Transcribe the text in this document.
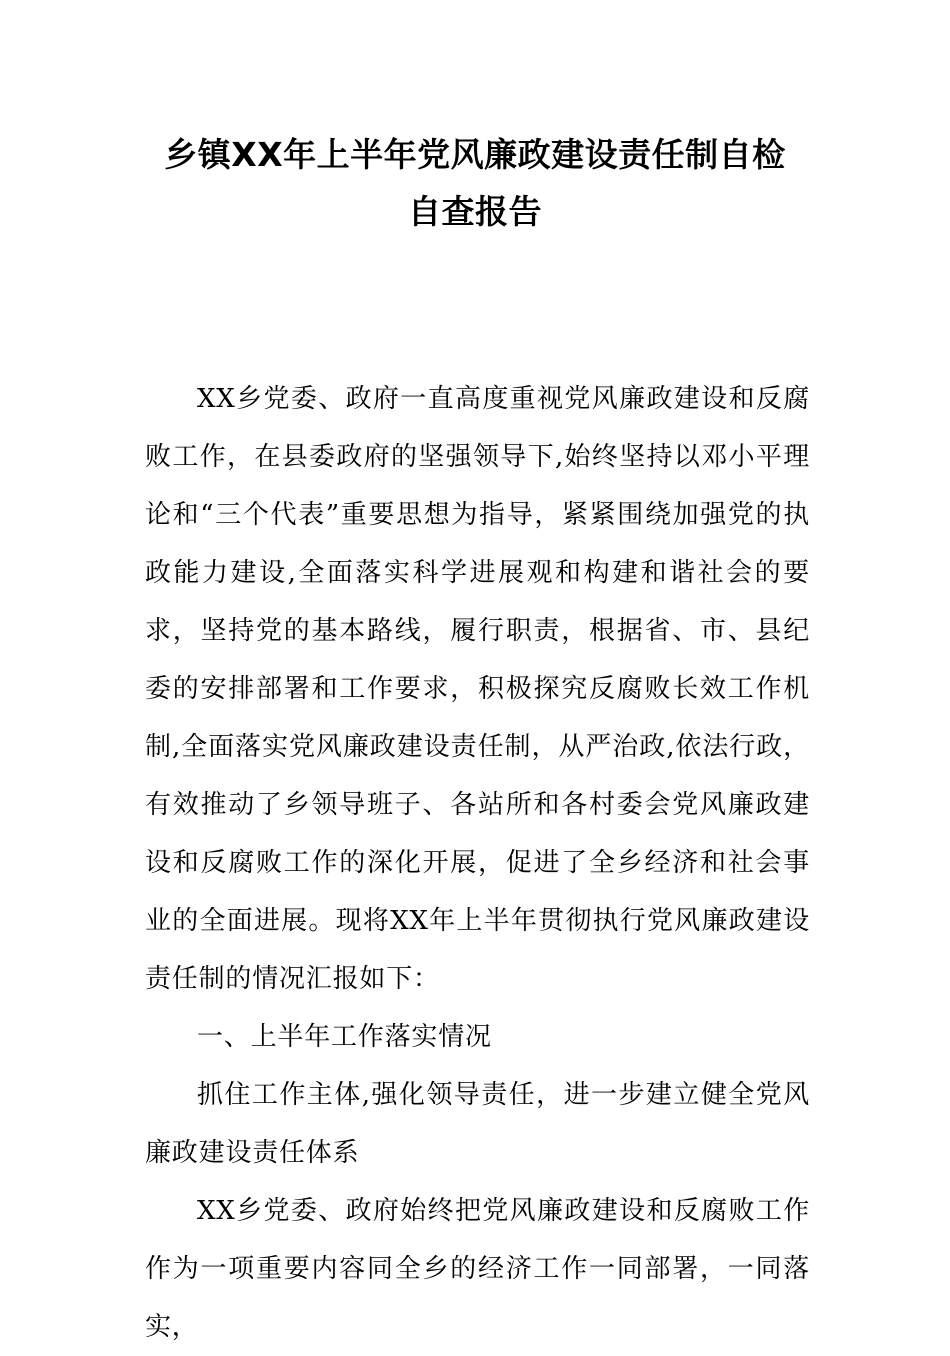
乡镇XX年上半年党风廉政建设责任制自检
自查报告

XX乡党委、政府一直高度重视党风廉政建设和反腐败工作，在县委政府的坚强领导下,始终坚持以邓小平理论和“三个代表”重要思想为指导，紧紧围绕加强党的执政能力建设,全面落实科学进展观和构建和谐社会的要求，坚持党的基本路线，履行职责，根据省、市、县纪委的安排部署和工作要求，积极探究反腐败长效工作机制,全面落实党风廉政建设责任制，从严治政,依法行政，有效推动了乡领导班子、各站所和各村委会党风廉政建设和反腐败工作的深化开展，促进了全乡经济和社会事业的全面进展。现将XX年上半年贯彻执行党风廉政建设责任制的情况汇报如下：

一、上半年工作落实情况

抓住工作主体,强化领导责任，进一步建立健全党风廉政建设责任体系

XX乡党委、政府始终把党风廉政建设和反腐败工作作为一项重要内容同全乡的经济工作一同部署，一同落实，
